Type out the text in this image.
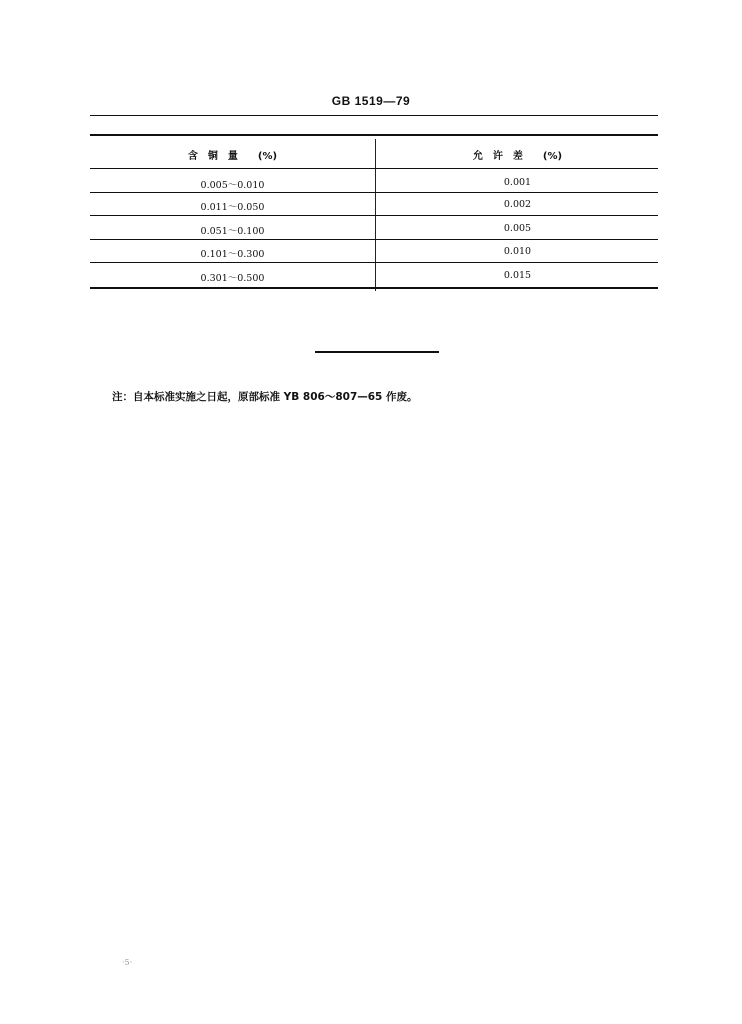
GB 1519—79
含　铜　量　　(%)	允　许　差　　(%)
0.005～0.010	0.001
0.011～0.050	0.002
0.051～0.100	0.005
0.101～0.300	0.010
0.301～0.500	0.015
注：自本标准实施之日起，原部标准 YB 806～807—65 作废。
·5·
